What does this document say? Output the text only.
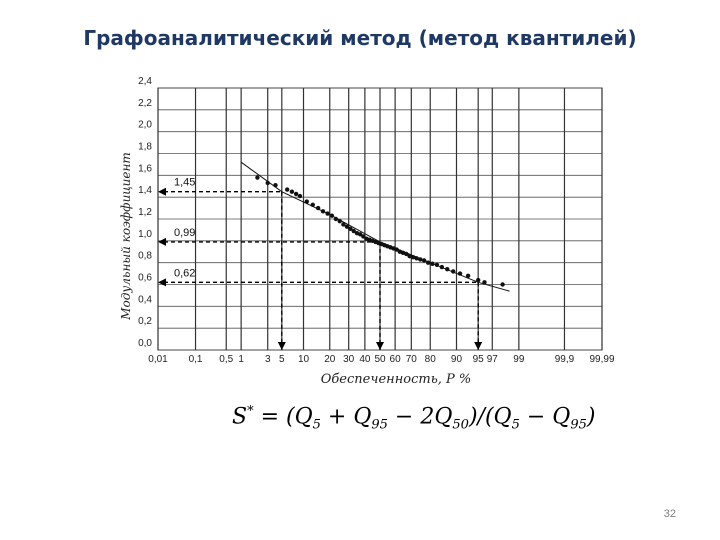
Графоаналитический метод (метод квантилей)
0,0
0,2
0,4
0,6
0,8
1,0
1,2
1,4
1,6
1,8
2,0
2,2
2,4
0,01 0,1 0,5 1 3 5 10 20 30 40 50 60 70 80 90 95 97 99	99,9 99,99
1,45
0,99
0,62
Обеспеченность, P %
Модульный коэффициент
$S^* = (Q_5 + Q_{95} - 2Q_{50})/(Q_5 - Q_{95})$
32
